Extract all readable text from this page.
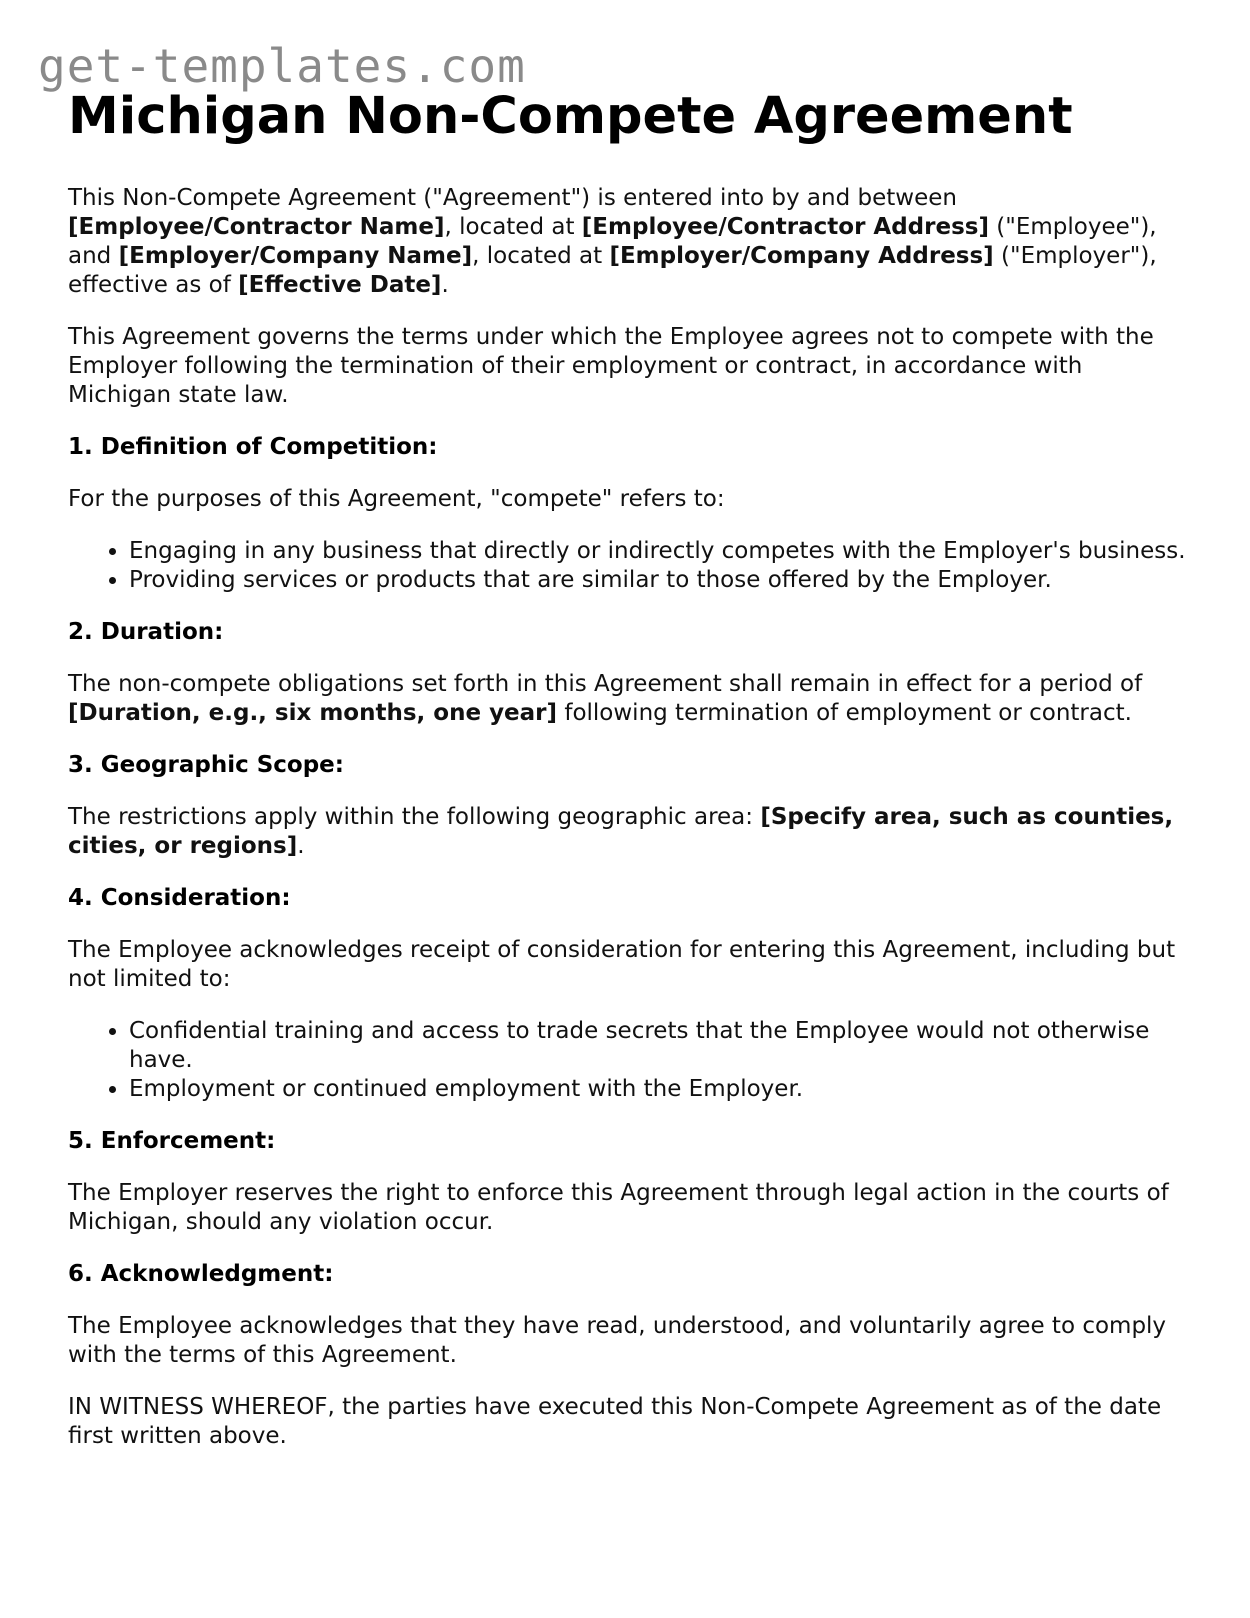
get-templates.com
Michigan Non-Compete Agreement

This Non-Compete Agreement ("Agreement") is entered into by and between [Employee/Contractor Name], located at [Employee/Contractor Address] ("Employee"), and [Employer/Company Name], located at [Employer/Company Address] ("Employer"), effective as of [Effective Date].

This Agreement governs the terms under which the Employee agrees not to compete with the Employer following the termination of their employment or contract, in accordance with Michigan state law.

1. Definition of Competition:

For the purposes of this Agreement, "compete" refers to:

• Engaging in any business that directly or indirectly competes with the Employer's business.
• Providing services or products that are similar to those offered by the Employer.
2. Duration:

The non-compete obligations set forth in this Agreement shall remain in effect for a period of [Duration, e.g., six months, one year] following termination of employment or contract.

3. Geographic Scope:

The restrictions apply within the following geographic area: [Specify area, such as counties, cities, or regions].

4. Consideration:

The Employee acknowledges receipt of consideration for entering this Agreement, including but not limited to:

• Confidential training and access to trade secrets that the Employee would not otherwise have.
• Employment or continued employment with the Employer.
5. Enforcement:

The Employer reserves the right to enforce this Agreement through legal action in the courts of Michigan, should any violation occur.

6. Acknowledgment:

The Employee acknowledges that they have read, understood, and voluntarily agree to comply with the terms of this Agreement.

IN WITNESS WHEREOF, the parties have executed this Non-Compete Agreement as of the date first written above.
